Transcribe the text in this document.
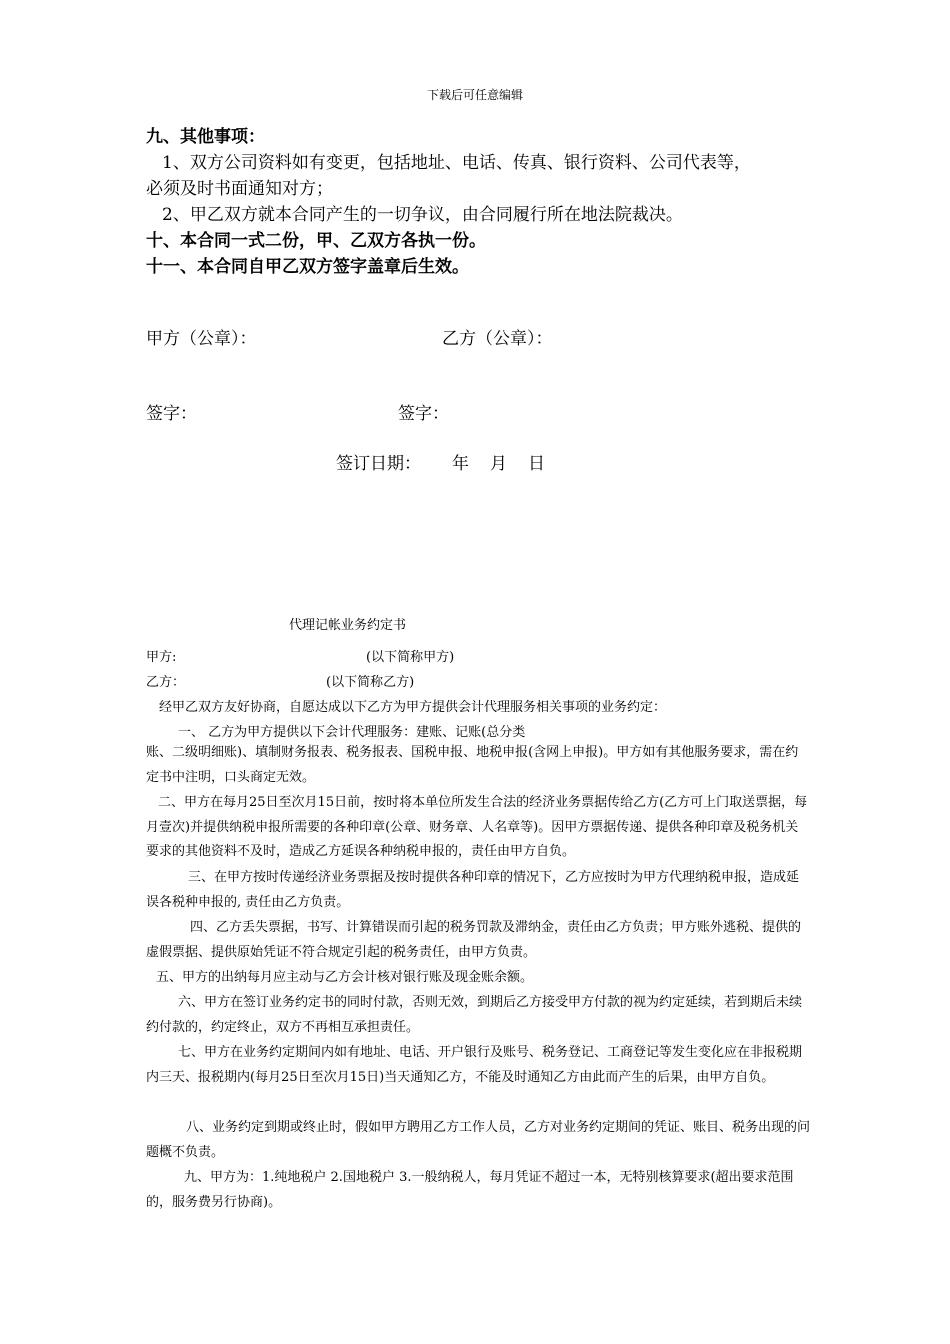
下载后可任意编辑
九、其他事项：
1、双方公司资料如有变更，包括地址、电话、传真、银行资料、公司代表等，
必须及时书面通知对方；
2、甲乙双方就本合同产生的一切争议，由合同履行所在地法院裁决。
十、本合同一式二份，甲、乙双方各执一份。
十一、本合同自甲乙双方签字盖章后生效。
甲方（公章）：	乙方（公章）：
签字：	签字：
签订日期： 年 月 日
代理记帐业务约定书
甲方:	(以下简称甲方)
乙方：	(以下简称乙方)
经甲乙双方友好协商，自愿达成以下乙方为甲方提供会计代理服务相关事项的业务约定：
一、 乙方为甲方提供以下会计代理服务：建账、记账(总分类
账、二级明细账)、填制财务报表、税务报表、国税申报、地税申报(含网上申报)。甲方如有其他服务要求，需在约定书中注明，口头商定无效。
二、甲方在每月25日至次月15日前，按时将本单位所发生合法的经济业务票据传给乙方(乙方可上门取送票据，每月壹次)并提供纳税申报所需要的各种印章(公章、财务章、人名章等)。因甲方票据传递、提供各种印章及税务机关要求的其他资料不及时，造成乙方延误各种纳税申报的，责任由甲方自负。
三、在甲方按时传递经济业务票据及按时提供各种印章的情况下，乙方应按时为甲方代理纳税申报，造成延误各税种申报的, 责任由乙方负责。
四、乙方丢失票据，书写、计算错误而引起的税务罚款及滞纳金，责任由乙方负责；甲方账外逃税、提供的虚假票据、提供原始凭证不符合规定引起的税务责任，由甲方负责。
五、甲方的出纳每月应主动与乙方会计核对银行账及现金账余额。
六、甲方在签订业务约定书的同时付款，否则无效，到期后乙方接受甲方付款的视为约定延续，若到期后未续约付款的，约定终止，双方不再相互承担责任。
七、甲方在业务约定期间内如有地址、电话、开户银行及账号、税务登记、工商登记等发生变化应在非报税期内三天、报税期内(每月25日至次月15日)当天通知乙方，不能及时通知乙方由此而产生的后果，由甲方自负。
八、业务约定到期或终止时，假如甲方聘用乙方工作人员，乙方对业务约定期间的凭证、账目、税务出现的问题概不负责。
九、甲方为：1.纯地税户 2.国地税户 3.一般纳税人，每月凭证不超过一本，无特别核算要求(超出要求范围的，服务费另行协商)。
